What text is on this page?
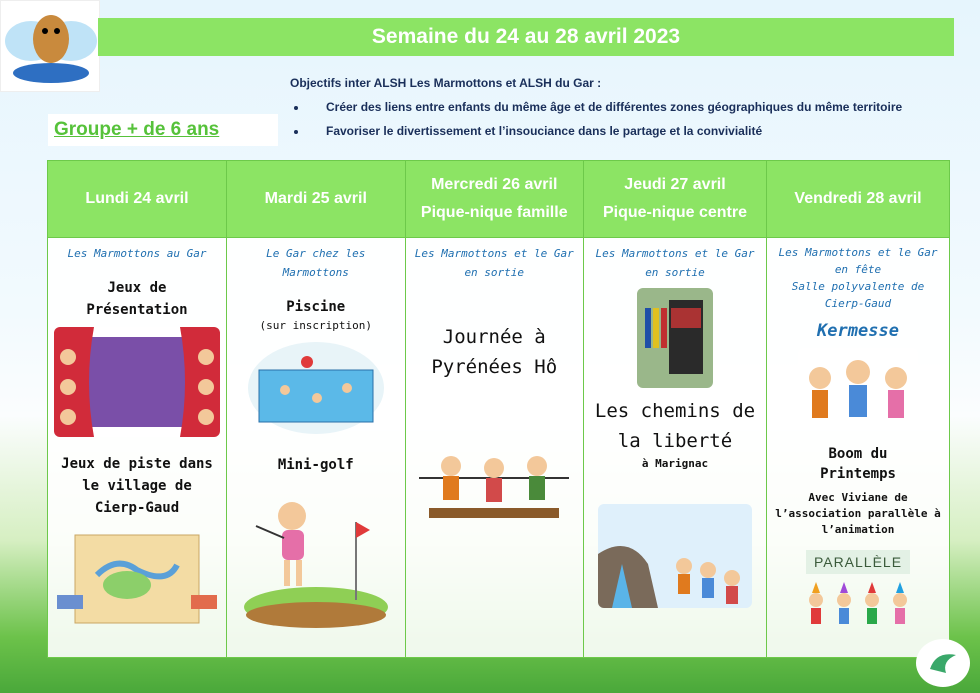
Semaine du 24 au 28 avril 2023
Objectifs inter ALSH Les Marmottons et ALSH du Gar :
• Créer des liens entre enfants du même âge et de différentes zones géographiques du même territoire
• Favoriser le divertissement et l’insouciance dans le partage et la convivialité
Groupe + de 6 ans
Lundi 24 avril
Les Marmottons au Gar
Jeux de Présentation
Jeux de piste dans le village de Cierp-Gaud
Mardi 25 avril
Le Gar chez les Marmottons
Piscine
(sur inscription)
Mini-golf
Mercredi 26 avril
Pique-nique famille
Les Marmottons et le Gar en sortie
Journée à Pyrénées Hô
Jeudi 27 avril
Pique-nique centre
Les Marmottons et le Gar en sortie
Les chemins de la liberté
à Marignac
Vendredi 28 avril
Les Marmottons et le Gar en fête
Salle polyvalente de Cierp-Gaud
Kermesse
Boom du Printemps
Avec Viviane de l’association parallèle à l’animation
PARALLÈLE
